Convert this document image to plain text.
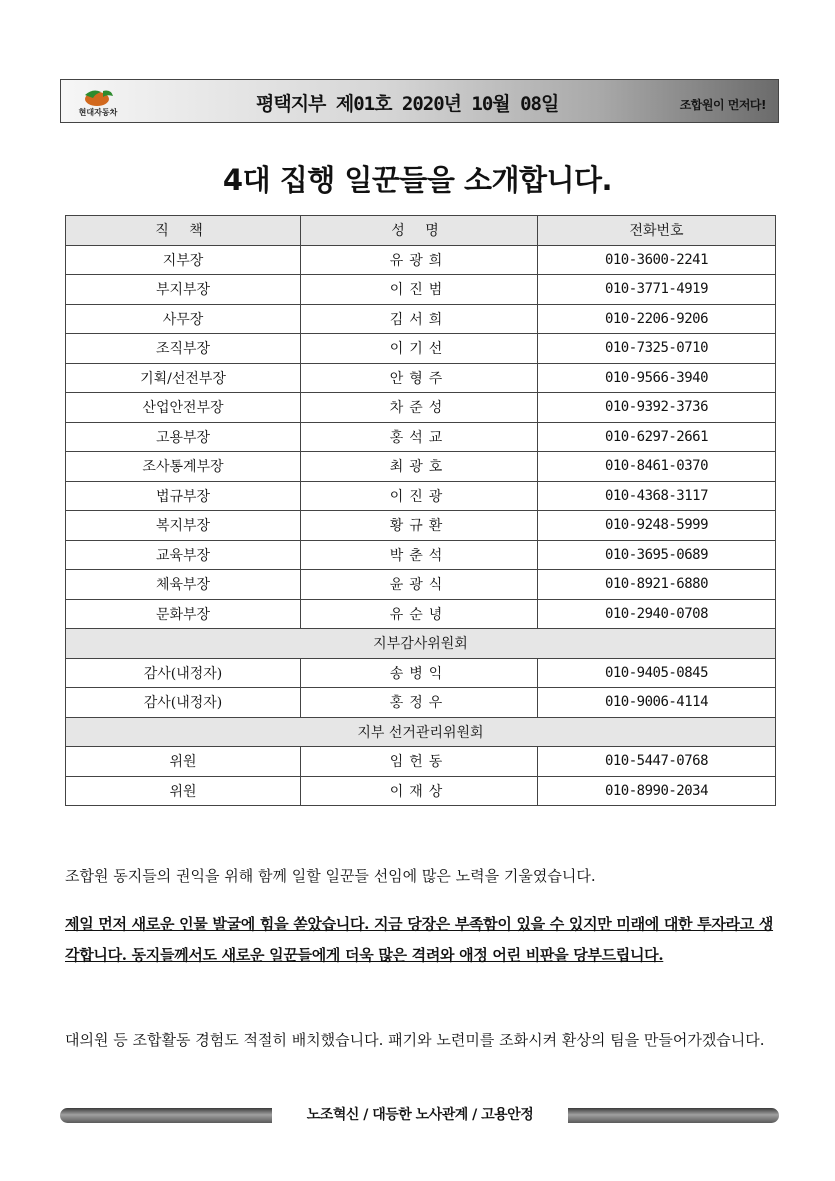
현대자동차	평택지부 제01호 2020년 10월 08일	조합원이 먼저다!
4대 집행 일꾼들을 소개합니다.
직 책	성 명	전화번호
지부장	유광희	010-3600-2241
부지부장	이진범	010-3771-4919
사무장	김서희	010-2206-9206
조직부장	이기선	010-7325-0710
기획/선전부장	안형주	010-9566-3940
산업안전부장	차준성	010-9392-3736
고용부장	홍석교	010-6297-2661
조사통계부장	최광호	010-8461-0370
법규부장	이진광	010-4368-3117
복지부장	황규환	010-9248-5999
교육부장	박춘석	010-3695-0689
체육부장	윤광식	010-8921-6880
문화부장	유순녕	010-2940-0708
지부감사위원회		
감사(내정자)	송병익	010-9405-0845
감사(내정자)	홍정우	010-9006-4114
지부 선거관리위원회		
위원	임헌동	010-5447-0768
위원	이재상	010-8990-2034
조합원 동지들의 권익을 위해 함께 일할 일꾼들 선임에 많은 노력을 기울였습니다.
제일 먼저 새로운 인물 발굴에 힘을 쏟았습니다. 지금 당장은 부족함이 있을 수 있지만 미래에 대한 투자라고 생각합니다. 동지들께서도 새로운 일꾼들에게 더욱 많은 격려와 애정 어린 비판을 당부드립니다.
대의원 등 조합활동 경험도 적절히 배치했습니다. 패기와 노련미를 조화시켜 환상의 팀을 만들어가겠습니다.
노조혁신 / 대등한 노사관계 / 고용안정
